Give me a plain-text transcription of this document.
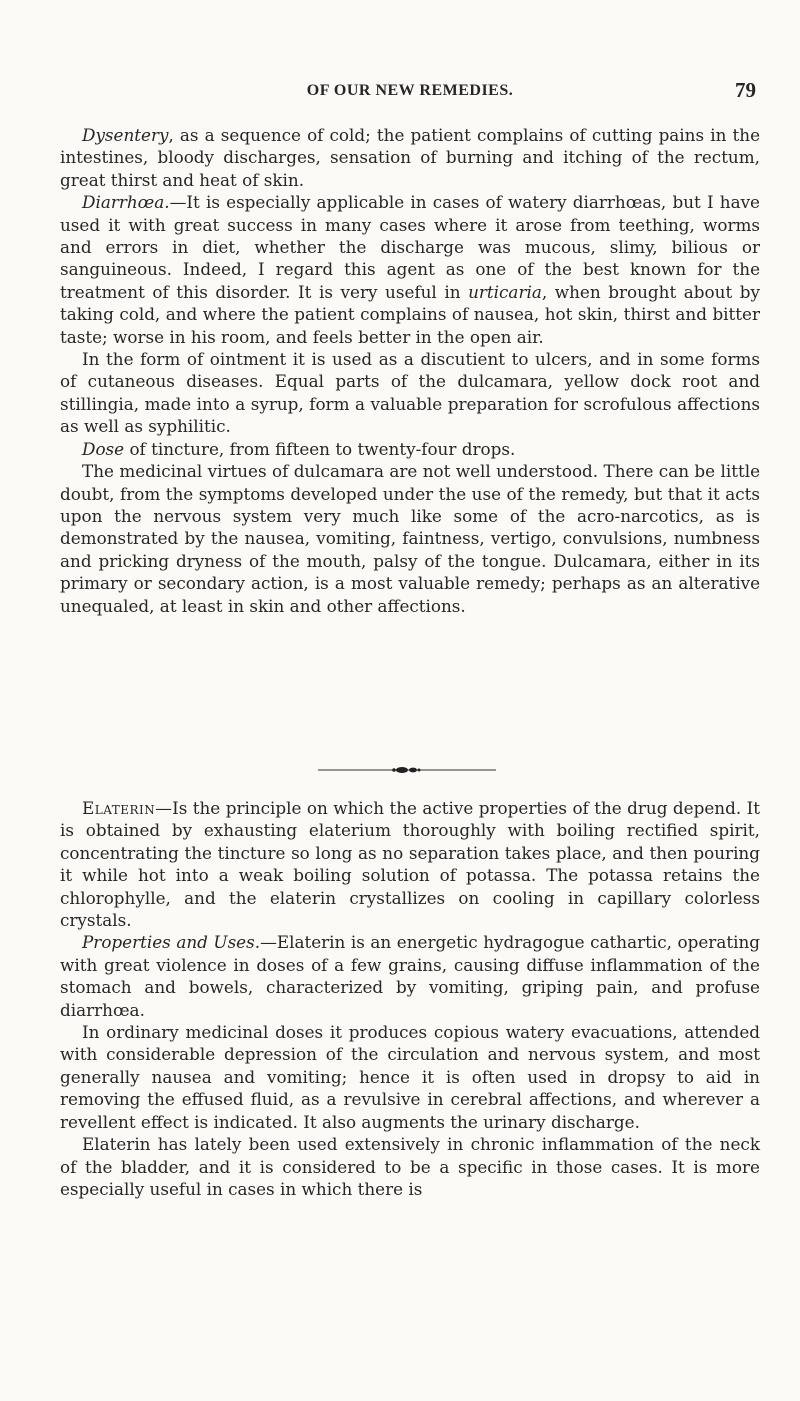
OF OUR NEW REMEDIES.	79

Dysentery, as a sequence of cold; the patient complains of cutting pains in the intestines, bloody discharges, sensation of burning and itching of the rectum, great thirst and heat of skin.

Diarrhœa.—It is especially applicable in cases of watery diarrhœas, but I have used it with great success in many cases where it arose from teething, worms and errors in diet, whether the discharge was mucous, slimy, bilious or sanguineous. Indeed, I regard this agent as one of the best known for the treatment of this disorder. It is very useful in urticaria, when brought about by taking cold, and where the patient complains of nausea, hot skin, thirst and bitter taste; worse in his room, and feels better in the open air.

In the form of ointment it is used as a discutient to ulcers, and in some forms of cutaneous diseases. Equal parts of the dulcamara, yellow dock root and stillingia, made into a syrup, form a valuable preparation for scrofulous affections as well as syphilitic.

Dose of tincture, from fifteen to twenty-four drops.

The medicinal virtues of dulcamara are not well understood. There can be little doubt, from the symptoms developed under the use of the remedy, but that it acts upon the nervous system very much like some of the acro-narcotics, as is demonstrated by the nausea, vomiting, faintness, vertigo, convulsions, numbness and pricking dryness of the mouth, palsy of the tongue. Dulcamara, either in its primary or secondary action, is a most valuable remedy; perhaps as an alterative unequaled, at least in skin and other affections.

Elaterin—Is the principle on which the active properties of the drug depend. It is obtained by exhausting elaterium thoroughly with boiling rectified spirit, concentrating the tincture so long as no separation takes place, and then pouring it while hot into a weak boiling solution of potassa. The potassa retains the chlorophylle, and the elaterin crystallizes on cooling in capillary colorless crystals.

Properties and Uses.—Elaterin is an energetic hydragogue cathartic, operating with great violence in doses of a few grains, causing diffuse inflammation of the stomach and bowels, characterized by vomiting, griping pain, and profuse diarrhœa.

In ordinary medicinal doses it produces copious watery evacuations, attended with considerable depression of the circulation and nervous system, and most generally nausea and vomiting; hence it is often used in dropsy to aid in removing the effused fluid, as a revulsive in cerebral affections, and wherever a revellent effect is indicated. It also augments the urinary discharge.

Elaterin has lately been used extensively in chronic inflammation of the neck of the bladder, and it is considered to be a specific in those cases. It is more especially useful in cases in which there is
